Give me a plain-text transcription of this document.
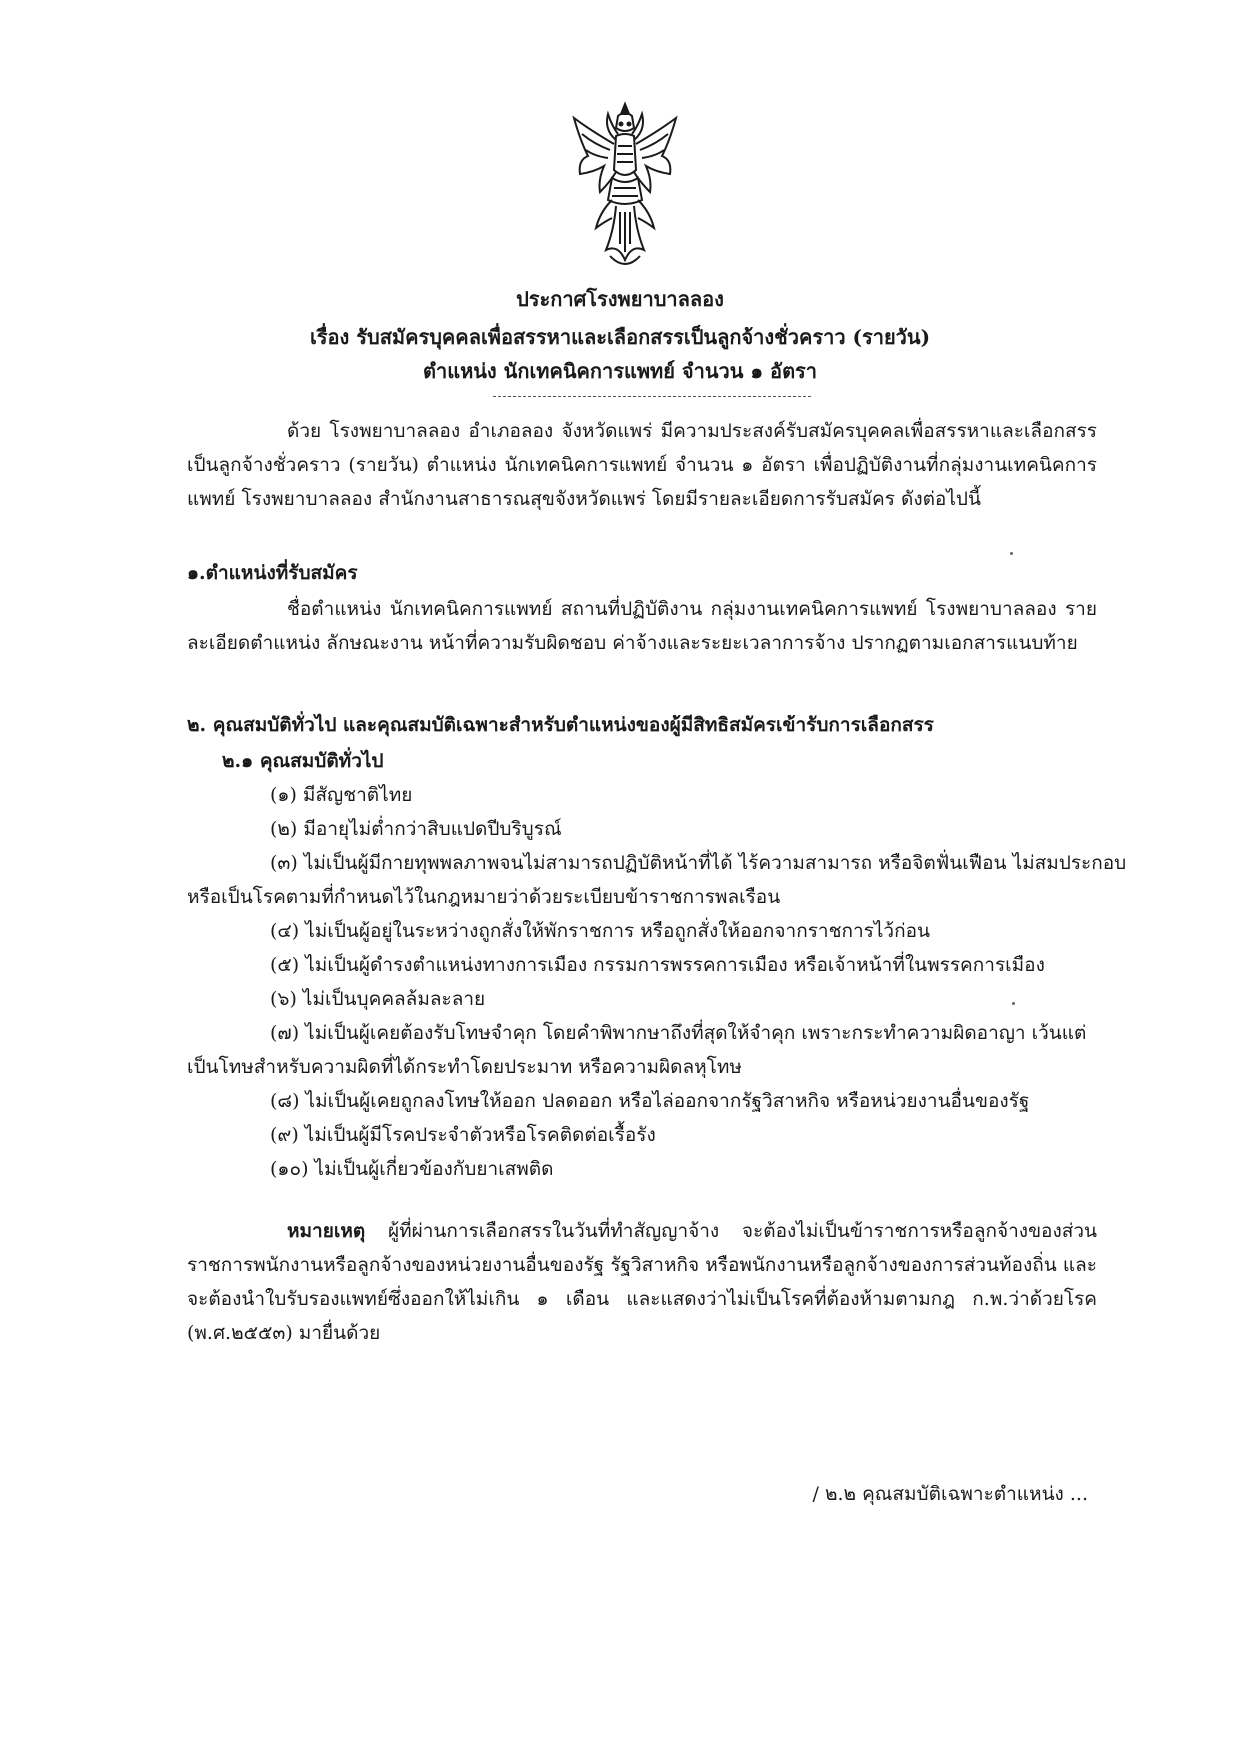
ประกาศโรงพยาบาลลอง
เรื่อง รับสมัครบุคคลเพื่อสรรหาและเลือกสรรเป็นลูกจ้างชั่วคราว (รายวัน)
ตำแหน่ง นักเทคนิคการแพทย์ จำนวน ๑ อัตรา
ด้วย โรงพยาบาลลอง อำเภอลอง จังหวัดแพร่ มีความประสงค์รับสมัครบุคคลเพื่อสรรหาและเลือกสรรเป็นลูกจ้างชั่วคราว (รายวัน) ตำแหน่ง นักเทคนิคการแพทย์ จำนวน ๑ อัตรา เพื่อปฏิบัติงานที่กลุ่มงานเทคนิคการแพทย์ โรงพยาบาลลอง สำนักงานสาธารณสุขจังหวัดแพร่ โดยมีรายละเอียดการรับสมัคร ดังต่อไปนี้
๑.ตำแหน่งที่รับสมัคร
ชื่อตำแหน่ง นักเทคนิคการแพทย์ สถานที่ปฏิบัติงาน กลุ่มงานเทคนิคการแพทย์ โรงพยาบาลลอง รายละเอียดตำแหน่ง ลักษณะงาน หน้าที่ความรับผิดชอบ ค่าจ้างและระยะเวลาการจ้าง ปรากฏตามเอกสารแนบท้าย
๒. คุณสมบัติทั่วไป และคุณสมบัติเฉพาะสำหรับตำแหน่งของผู้มีสิทธิสมัครเข้ารับการเลือกสรร
๒.๑ คุณสมบัติทั่วไป
(๑) มีสัญชาติไทย
(๒) มีอายุไม่ต่ำกว่าสิบแปดปีบริบูรณ์
(๓) ไม่เป็นผู้มีกายทุพพลภาพจนไม่สามารถปฏิบัติหน้าที่ได้ ไร้ความสามารถ หรือจิตฟั่นเฟือน ไม่สมประกอบ
หรือเป็นโรคตามที่กำหนดไว้ในกฎหมายว่าด้วยระเบียบข้าราชการพลเรือน
(๔) ไม่เป็นผู้อยู่ในระหว่างถูกสั่งให้พักราชการ หรือถูกสั่งให้ออกจากราชการไว้ก่อน
(๕) ไม่เป็นผู้ดำรงตำแหน่งทางการเมือง กรรมการพรรคการเมือง หรือเจ้าหน้าที่ในพรรคการเมือง
(๖) ไม่เป็นบุคคลล้มละลาย
(๗) ไม่เป็นผู้เคยต้องรับโทษจำคุก โดยคำพิพากษาถึงที่สุดให้จำคุก เพราะกระทำความผิดอาญา เว้นแต่
เป็นโทษสำหรับความผิดที่ได้กระทำโดยประมาท หรือความผิดลหุโทษ
(๘) ไม่เป็นผู้เคยถูกลงโทษให้ออก ปลดออก หรือไล่ออกจากรัฐวิสาหกิจ หรือหน่วยงานอื่นของรัฐ
(๙) ไม่เป็นผู้มีโรคประจำตัวหรือโรคติดต่อเรื้อรัง
(๑๐) ไม่เป็นผู้เกี่ยวข้องกับยาเสพติด
หมายเหตุ ผู้ที่ผ่านการเลือกสรรในวันที่ทำสัญญาจ้าง จะต้องไม่เป็นข้าราชการหรือลูกจ้างของส่วนราชการพนักงานหรือลูกจ้างของหน่วยงานอื่นของรัฐ รัฐวิสาหกิจ หรือพนักงานหรือลูกจ้างของการส่วนท้องถิ่น และจะต้องนำใบรับรองแพทย์ซึ่งออกให้ไม่เกิน ๑ เดือน และแสดงว่าไม่เป็นโรคที่ต้องห้ามตามกฎ ก.พ.ว่าด้วยโรค (พ.ศ.๒๕๕๓) มายื่นด้วย
/ ๒.๒ คุณสมบัติเฉพาะตำแหน่ง ...
